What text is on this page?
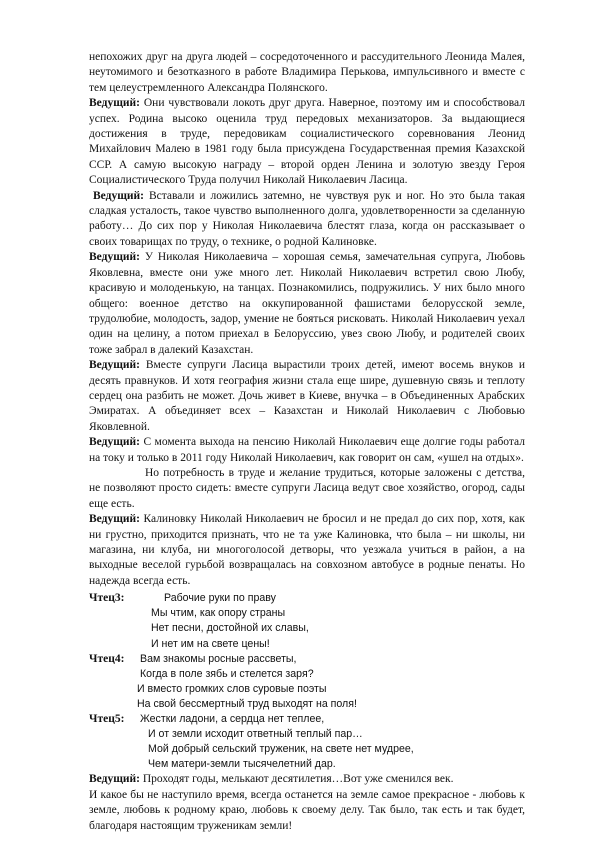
непохожих друг на друга людей – сосредоточенного и рассудительного Леонида Малея, неутомимого и безотказного в работе Владимира Перькова, импульсивного и вместе с тем целеустремленного Александра Полянского.

Ведущий: Они чувствовали локоть друг друга. Наверное, поэтому им и способствовал успех. Родина высоко оценила труд передовых механизаторов. За выдающиеся достижения в труде, передовикам социалистического соревнования Леонид Михайлович Малею в 1981 году была присуждена Государственная премия Казахской ССР. А самую высокую награду – второй орден Ленина и золотую звезду Героя Социалистического Труда получил Николай Николаевич Ласица.

Ведущий: Вставали и ложились затемно, не чувствуя рук и ног. Но это была такая сладкая усталость, такое чувство выполненного долга, удовлетворенности за сделанную работу… До сих пор у Николая Николаевича блестят глаза, когда он рассказывает о своих товарищах по труду, о технике, о родной Калиновке.

Ведущий: У Николая Николаевича – хорошая семья, замечательная супруга, Любовь Яковлевна, вместе они уже много лет. Николай Николаевич встретил свою Любу, красивую и молоденькую, на танцах. Познакомились, подружились. У них было много общего: военное детство на оккупированной фашистами белорусской земле, трудолюбие, молодость, задор, умение не бояться рисковать. Николай Николаевич уехал один на целину, а потом приехал в Белоруссию, увез свою Любу, и родителей своих тоже забрал в далекий Казахстан.

Ведущий: Вместе супруги Ласица вырастили троих детей, имеют восемь внуков и десять правнуков. И хотя география жизни стала еще шире, душевную связь и теплоту сердец она разбить не может. Дочь живет в Киеве, внучка – в Объединенных Арабских Эмиратах. А объединяет всех – Казахстан и Николай Николаевич с Любовью Яковлевной.

Ведущий: С момента выхода на пенсию Николай Николаевич еще долгие годы работал на току и только в 2011 году Николай Николаевич, как говорит он сам, «ушел на отдых».

Но потребность в труде и желание трудиться, которые заложены с детства, не позволяют просто сидеть: вместе супруги Ласица ведут свое хозяйство, огород, сады еще есть.

Ведущий: Калиновку Николай Николаевич не бросил и не предал до сих пор, хотя, как ни грустно, приходится признать, что не та уже Калиновка, что была – ни школы, ни магазина, ни клуба, ни многоголосой детворы, что уезжала учиться в район, а на выходные веселой гурьбой возвращалась на совхозном автобусе в родные пенаты. Но надежда всегда есть.

Чтец3:	Рабочие руки по праву
Мы чтим, как опору страны
Нет песни, достойной их славы,
И нет им на свете цены!
Чтец4:	Вам знакомы росные рассветы,
Когда в поле зябь и стелется заря?
И вместо громких слов суровые поэты
На свой бессмертный труд выходят на поля!
Чтец5:	Жестки ладони, а сердца нет теплее,
И от земли исходит ответный теплый пар…
Мой добрый сельский труженик, на свете нет мудрее,
Чем матери-земли тысячелетний дар.

Ведущий: Проходят годы, мелькают десятилетия…Вот уже сменился век.

И какое бы не наступило время, всегда останется на земле самое прекрасное - любовь к земле, любовь к родному краю, любовь к своему делу. Так было, так есть и так будет, благодаря настоящим труженикам земли!
